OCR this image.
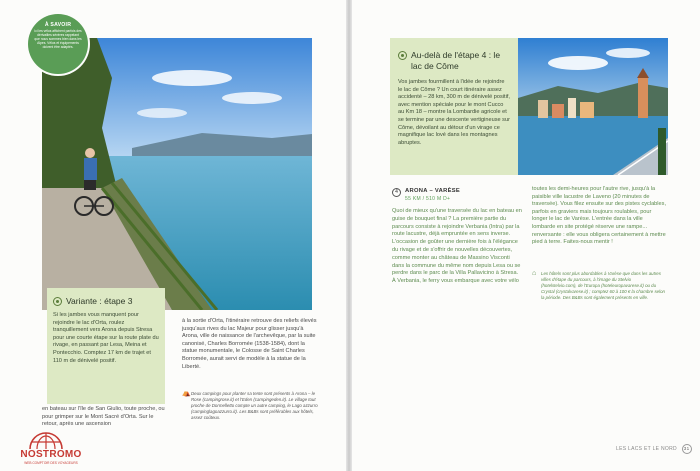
À SAVOIR
Ici les vélos affichent parfois des dérivailles sévères rappelant que nous sommes bien dans les Alpes. Vélos et équipements doivent être adaptés.
Variante : étape 3

Si les jambes vous manquent pour rejoindre le lac d'Orta, roulez tranquillement vers Arona depuis Stresa pour une courte étape sur la route plate du rivage, en passant par Lesa, Meina et Pontecchio. Comptez 17 km de trajet et 110 m de dénivelé positif.

à la sortie d'Orta, l'itinéraire retrouve des reliefs élevés jusqu'aux rives du lac Majeur pour glisser jusqu'à Arona, ville de naissance de l'archevêque, par la suite canonisé, Charles Borromée (1538-1584), dont la statue monumentale, le Colosse de Saint Charles Borromée, aurait servi de modèle à la statue de la Liberté.

⛺ Deux campings pour planter sa tente sont présents à Arona – le Rose (campingrose.it) et l'Eden (campingeden.it). Le village tout proche de Dormelletto compte un autre camping, le Lago azzurro (campinglagoazzurro.it). Les B&Bs sont préférables aux hôtels, assez coûteux.

en bateau sur l'île de San Giulio, toute proche, ou pour grimper sur le Mont Sacré d'Orta. Sur le retour, après une ascension

NOSTROMO
WEB COMPTOIR DES VOYAGEURS
Au-delà de l'étape 4 : le lac de Côme

Vos jambes fourmillent à l'idée de rejoindre le lac de Côme ? Un court itinéraire assez accidenté – 28 km, 300 m de dénivelé positif, avec mention spéciale pour le mont Cucco au Km 18 – montre la Lombardie agricole et se termine par une descente vertigineuse sur Côme, dévoilant au détour d'un virage ce magnifique lac lové dans les montagnes abruptes.

4	ARONA – VARÈSE
55 KM / 510 M D+

Quoi de mieux qu'une traversée du lac en bateau en guise de bouquet final ? La première partie du parcours consiste à rejoindre Verbania (Intra) par la route lacustre, déjà empruntée en sens inverse. L'occasion de goûter une dernière fois à l'élégance du rivage et de s'offrir de nouvelles découvertes, comme monter au château de Massino Visconti dans la commune du même nom depuis Lesa ou se perdre dans le parc de la Villa Pallavicino à Stresa. À Verbania, le ferry vous embarque avec votre vélo

toutes les demi-heures pour l'autre rive, jusqu'à la paisible ville lacustre de Laveno (20 minutes de traversée). Vous filez ensuite sur des pistes cyclables, parfois en graviers mais toujours roulables, pour longer le lac de Varèse. L'entrée dans la ville lombarde en site protégé réserve une rampe... renversante : elle vous obligera certainement à mettre pied à terre. Faites-nous mentir !

⌂ Les hôtels sont plus abordables à Varèse que dans les autres villes d'étape du parcours, à l'image du Stelvio (hotelstelvio.com), de l'Europa (hoteleuropavarese.it) ou du Crystal (crystalvarese.it) ; comptez 60 à 100 € la chambre selon la période. Des B&Bs sont également présents en ville.
LES LACS ET LE NORD 31
